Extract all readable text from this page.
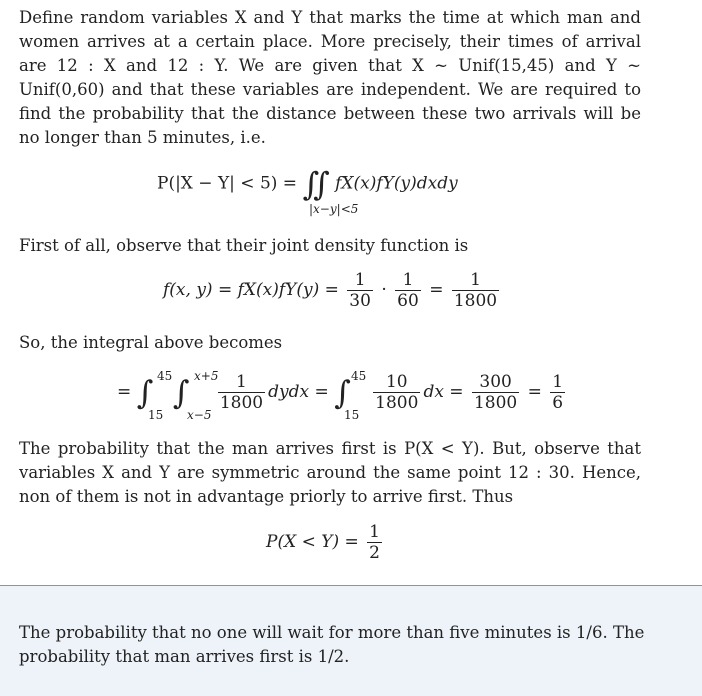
Define random variables X and Y that marks the time at which man and women arrives at a certain place. More precisely, their times of arrival are 12 : X and 12 : Y. We are given that X ~ Unif(15,45) and Y ~ Unif(0,60) and that these variables are independent. We are required to find the probability that the distance between these two arrivals will be no longer than 5 minutes, i.e.

P(|X − Y| < 5) = ∬ fX(x)fY(y)dxdy
|x−y|<5

First of all, observe that their joint density function is

f(x, $y) = fX(x)fY(y) = \frac{1}{30} \cdot \frac{1}{60} = \frac{1}{1800}$

So, the integral above becomes

= ∫ ∫ $\frac{1}{1800}$ dydx = ∫ $\frac{10}{1800}$ dx = $\frac{300}{1800} = \frac{1}{6}$
45
15
x+5
x−5
45
15

The probability that the man arrives first is P(X < Y). But, observe that variables X and Y are symmetric around the same point 12 : 30. Hence, non of them is not in advantage priorly to arrive first. Thus

$P(X < Y) = \frac{1}{2}$

The probability that no one will wait for more than five minutes is 1/6. The probability that man arrives first is 1/2.
